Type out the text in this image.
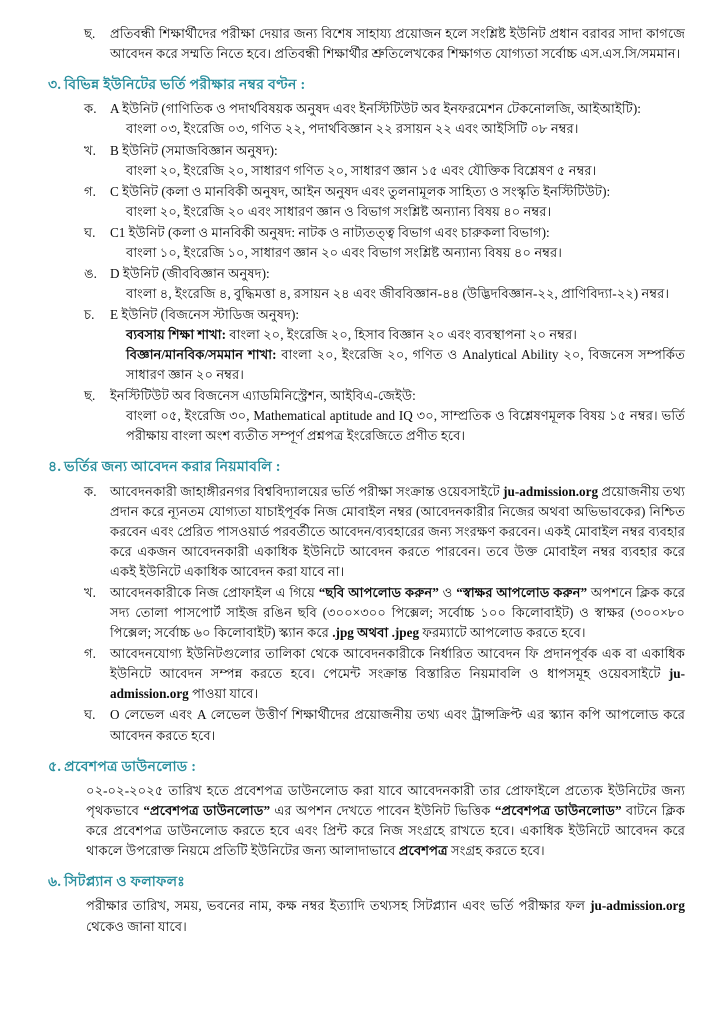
ছ.	প্রতিবন্ধী শিক্ষার্থীদের পরীক্ষা দেয়ার জন্য বিশেষ সাহায্য প্রয়োজন হলে সংশ্লিষ্ট ইউনিট প্রধান বরাবর সাদা কাগজে আবেদন করে সম্মতি নিতে হবে। প্রতিবন্ধী শিক্ষার্থীর শ্রুতিলেখকের শিক্ষাগত যোগ্যতা সর্বোচ্চ এস.এস.সি/সমমান।
৩. বিভিন্ন ইউনিটের ভর্তি পরীক্ষার নম্বর বণ্টন :
ক.	A ইউনিট (গাণিতিক ও পদার্থবিষয়ক অনুষদ এবং ইনস্টিটিউট অব ইনফরমেশন টেকনোলজি, আইআইটি):
বাংলা ০৩, ইংরেজি ০৩, গণিত ২২, পদার্থবিজ্ঞান ২২ রসায়ন ২২ এবং আইসিটি ০৮ নম্বর।
খ.	B ইউনিট (সমাজবিজ্ঞান অনুষদ):
বাংলা ২০, ইংরেজি ২০, সাধারণ গণিত ২০, সাধারণ জ্ঞান ১৫ এবং যৌক্তিক বিশ্লেষণ ৫ নম্বর।
গ.	C ইউনিট (কলা ও মানবিকী অনুষদ, আইন অনুষদ এবং তুলনামূলক সাহিত্য ও সংস্কৃতি ইনস্টিটিউট):
বাংলা ২০, ইংরেজি ২০ এবং সাধারণ জ্ঞান ও বিভাগ সংশ্লিষ্ট অন্যান্য বিষয় ৪০ নম্বর।
ঘ.	C1 ইউনিট (কলা ও মানবিকী অনুষদ: নাটক ও নাট্যতত্ত্ব বিভাগ এবং চারুকলা বিভাগ):
বাংলা ১০, ইংরেজি ১০, সাধারণ জ্ঞান ২০ এবং বিভাগ সংশ্লিষ্ট অন্যান্য বিষয় ৪০ নম্বর।
ঙ. D ইউনিট (জীববিজ্ঞান অনুষদ):
বাংলা ৪, ইংরেজি ৪, বুদ্ধিমত্তা ৪, রসায়ন ২৪ এবং জীববিজ্ঞান-৪৪ (উদ্ভিদবিজ্ঞান-২২, প্রাণিবিদ্যা-২২) নম্বর।
চ.	E ইউনিট (বিজনেস স্টাডিজ অনুষদ):
ব্যবসায় শিক্ষা শাখা: বাংলা ২০, ইংরেজি ২০, হিসাব বিজ্ঞান ২০ এবং ব্যবস্থাপনা ২০ নম্বর।
বিজ্ঞান/মানবিক/সমমান শাখা: বাংলা ২০, ইংরেজি ২০, গণিত ও Analytical Ability ২০, বিজনেস সম্পর্কিত সাধারণ জ্ঞান ২০ নম্বর।
ছ.	ইনস্টিটিউট অব বিজনেস এ্যাডমিনিস্ট্রেশন, আইবিএ-জেইউ:
বাংলা ০৫, ইংরেজি ৩০, Mathematical aptitude and IQ ৩০, সাম্প্রতিক ও বিশ্লেষণমূলক বিষয় ১৫ নম্বর। ভর্তি পরীক্ষায় বাংলা অংশ ব্যতীত সম্পূর্ণ প্রশ্নপত্র ইংরেজিতে প্রণীত হবে।
৪. ভর্তির জন্য আবেদন করার নিয়মাবলি :
ক.	আবেদনকারী জাহাঙ্গীরনগর বিশ্ববিদ্যালয়ের ভর্তি পরীক্ষা সংক্রান্ত ওয়েবসাইটে ju-admission.org প্রয়োজনীয় তথ্য প্রদান করে ন্যূনতম যোগ্যতা যাচাইপূর্বক নিজ মোবাইল নম্বর (আবেদনকারীর নিজের অথবা অভিভাবকের) নিশ্চিত করবেন এবং প্রেরিত পাসওয়ার্ড পরবর্তীতে আবেদন/ব্যবহারের জন্য সংরক্ষণ করবেন। একই মোবাইল নম্বর ব্যবহার করে একজন আবেদনকারী একাধিক ইউনিটে আবেদন করতে পারবেন। তবে উক্ত মোবাইল নম্বর ব্যবহার করে একই ইউনিটে একাধিক আবেদন করা যাবে না।
খ.	আবেদনকারীকে নিজ প্রোফাইল এ গিয়ে “ছবি আপলোড করুন” ও “স্বাক্ষর আপলোড করুন” অপশনে ক্লিক করে সদ্য তোলা পাসপোর্ট সাইজ রঙিন ছবি (৩০০×৩০০ পিক্সেল; সর্বোচ্চ ১০০ কিলোবাইট) ও স্বাক্ষর (৩০০×৮০ পিক্সেল; সর্বোচ্চ ৬০ কিলোবাইট) স্ক্যান করে .jpg অথবা .jpeg ফরম্যাটে আপলোড করতে হবে।
গ.	আবেদনযোগ্য ইউনিটগুলোর তালিকা থেকে আবেদনকারীকে নির্ধারিত আবেদন ফি প্রদানপূর্বক এক বা একাধিক ইউনিটে আবেদন সম্পন্ন করতে হবে। পেমেন্ট সংক্রান্ত বিস্তারিত নিয়মাবলি ও ধাপসমূহ ওয়েবসাইটে ju-admission.org পাওয়া যাবে।
ঘ.	O লেভেল এবং A লেভেল উত্তীর্ণ শিক্ষার্থীদের প্রয়োজনীয় তথ্য এবং ট্রান্সক্রিপ্ট এর স্ক্যান কপি আপলোড করে আবেদন করতে হবে।
৫. প্রবেশপত্র ডাউনলোড :
০২-০২-২০২৫ তারিখ হতে প্রবেশপত্র ডাউনলোড করা যাবে আবেদনকারী তার প্রোফাইলে প্রত্যেক ইউনিটের জন্য পৃথকভাবে “প্রবেশপত্র ডাউনলোড” এর অপশন দেখতে পাবেন ইউনিট ভিত্তিক “প্রবেশপত্র ডাউনলোড” বাটনে ক্লিক করে প্রবেশপত্র ডাউনলোড করতে হবে এবং প্রিন্ট করে নিজ সংগ্রহে রাখতে হবে। একাধিক ইউনিটে আবেদন করে থাকলে উপরোক্ত নিয়মে প্রতিটি ইউনিটের জন্য আলাদাভাবে প্রবেশপত্র সংগ্রহ করতে হবে।
৬. সিটপ্ল্যান ও ফলাফলঃ
পরীক্ষার তারিখ, সময়, ভবনের নাম, কক্ষ নম্বর ইত্যাদি তথ্যসহ সিটপ্ল্যান এবং ভর্তি পরীক্ষার ফল ju-admission.org থেকেও জানা যাবে।
